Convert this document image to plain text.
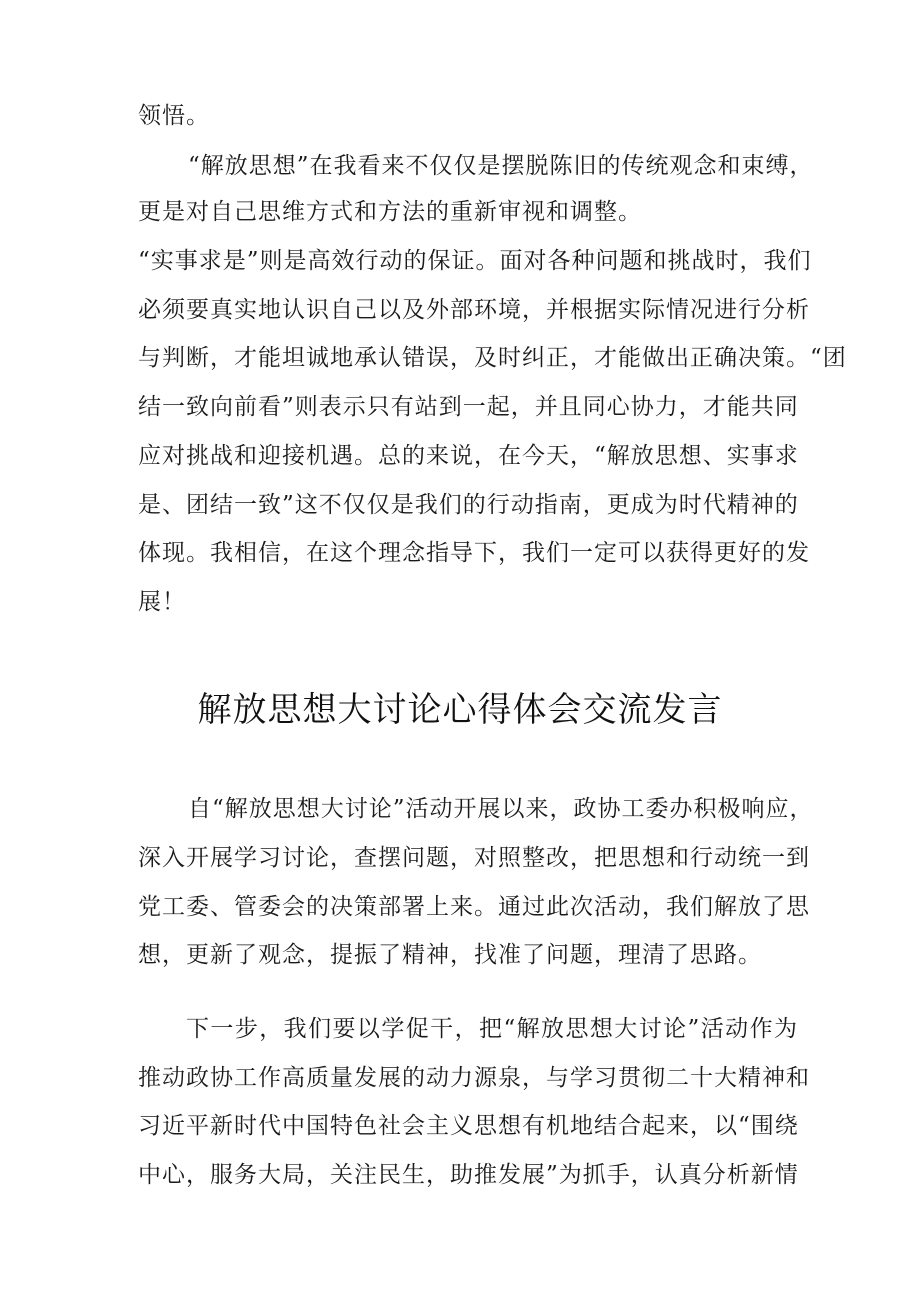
领悟。
“解放思想”在我看来不仅仅是摆脱陈旧的传统观念和束缚，
更是对自己思维方式和方法的重新审视和调整。
“实事求是”则是高效行动的保证。面对各种问题和挑战时，我们
必须要真实地认识自己以及外部环境，并根据实际情况进行分析
与判断，才能坦诚地承认错误，及时纠正，才能做出正确决策。“团
结一致向前看”则表示只有站到一起，并且同心协力，才能共同
应对挑战和迎接机遇。总的来说，在今天，“解放思想、实事求
是、团结一致”这不仅仅是我们的行动指南，更成为时代精神的
体现。我相信，在这个理念指导下，我们一定可以获得更好的发
展！
解放思想大讨论心得体会交流发言
自“解放思想大讨论”活动开展以来，政协工委办积极响应，
深入开展学习讨论，查摆问题，对照整改，把思想和行动统一到
党工委、管委会的决策部署上来。通过此次活动，我们解放了思
想，更新了观念，提振了精神，找准了问题，理清了思路。
下一步，我们要以学促干，把“解放思想大讨论”活动作为
推动政协工作高质量发展的动力源泉，与学习贯彻二十大精神和
习近平新时代中国特色社会主义思想有机地结合起来，以“围绕
中心，服务大局，关注民生，助推发展”为抓手，认真分析新情
